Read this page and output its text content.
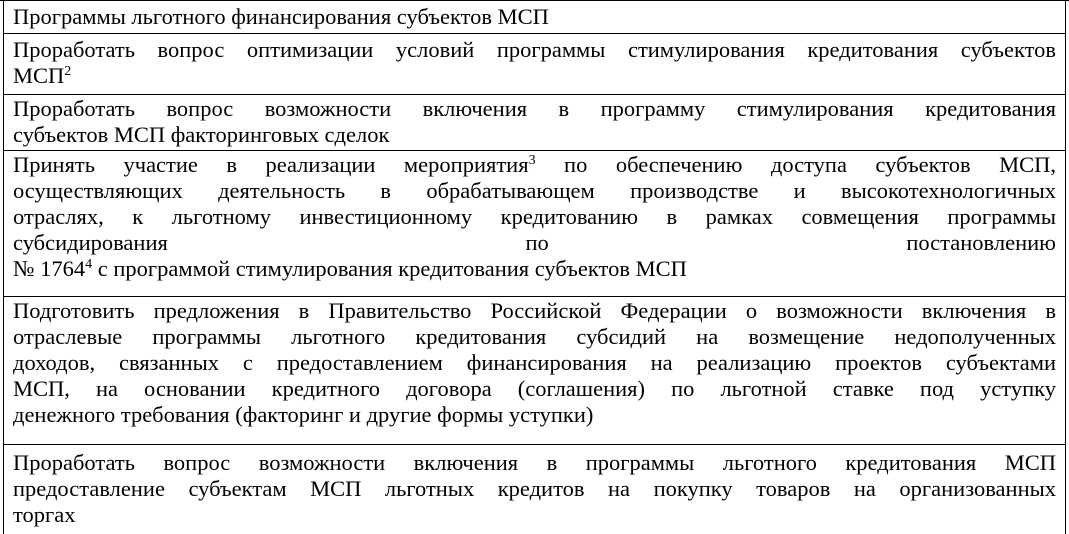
Программы льготного финансирования субъектов МСП
Проработать вопрос оптимизации условий программы стимулирования кредитования субъектов
МСП$^2$
Проработать вопрос возможности включения в программу стимулирования кредитования
субъектов МСП факторинговых сделок
Принять участие в реализации мероприятия$^3$ по обеспечению доступа субъектов МСП,
осуществляющих деятельность в обрабатывающем производстве и высокотехнологичных
отраслях, к льготному инвестиционному кредитованию в рамках совмещения программы
субсидирования по постановлению
№ 1764$^4$ с программой стимулирования кредитования субъектов МСП
Подготовить предложения в Правительство Российской Федерации о возможности включения в
отраслевые программы льготного кредитования субсидий на возмещение недополученных
доходов, связанных с предоставлением финансирования на реализацию проектов субъектами
МСП, на основании кредитного договора (соглашения) по льготной ставке под уступку
денежного требования (факторинг и другие формы уступки)
Проработать вопрос возможности включения в программы льготного кредитования МСП
предоставление субъектам МСП льготных кредитов на покупку товаров на организованных
торгах
